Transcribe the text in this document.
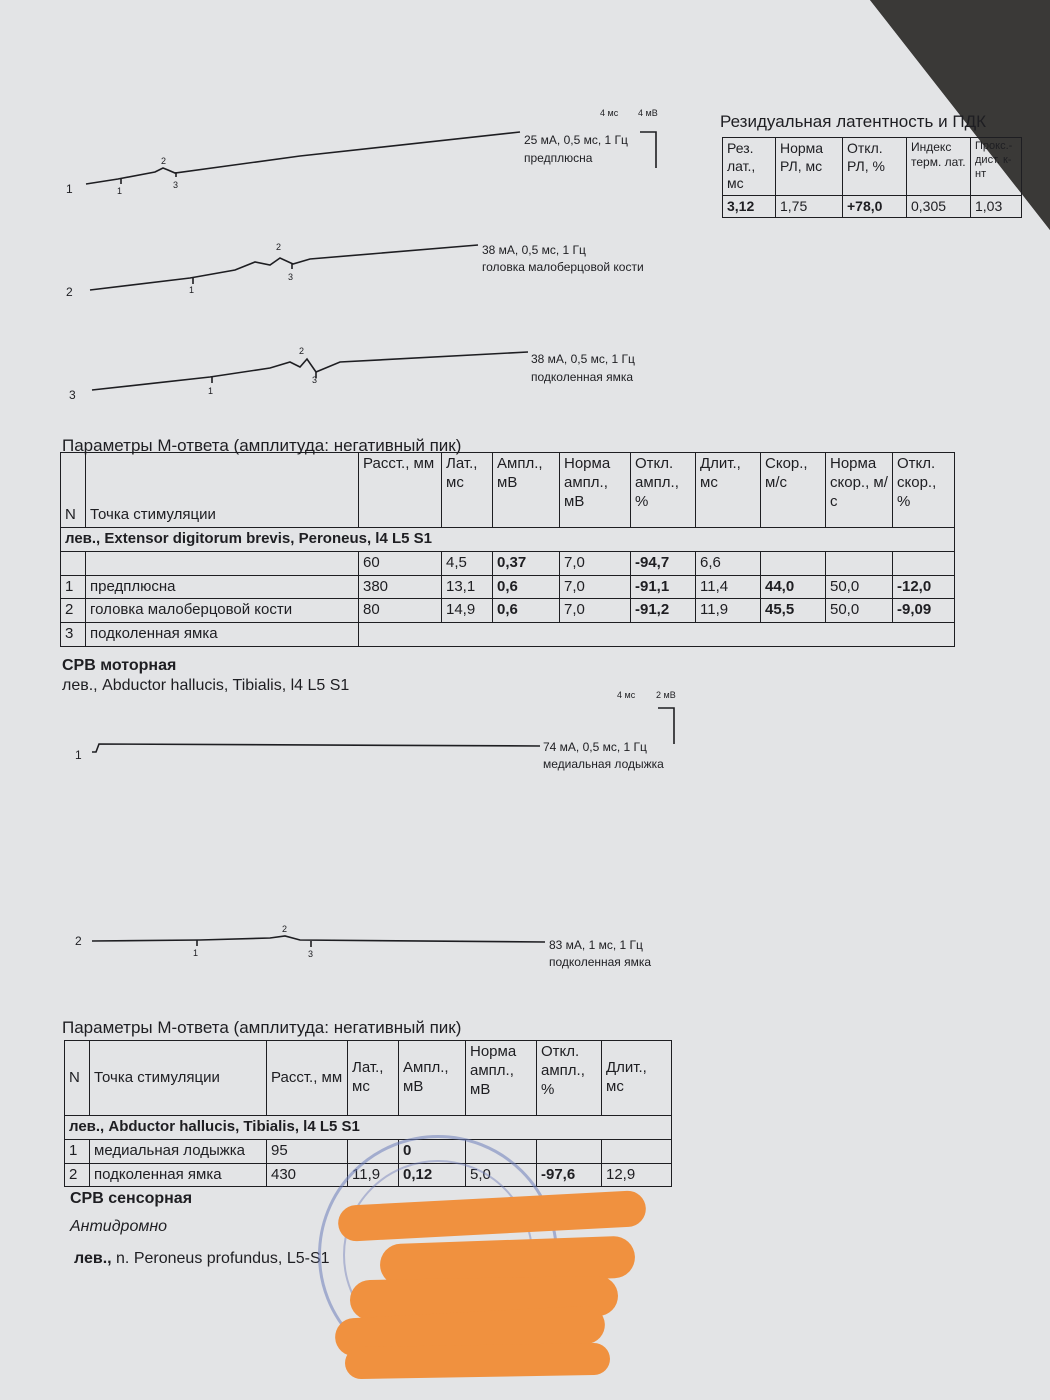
4 мс 4 мВ
1	1
2
3
25 мА, 0,5 мс, 1 Гц
предплюсна
2	1
2
3
38 мА, 0,5 мс, 1 Гц
головка малоберцовой кости
3	1
2
3
38 мА, 0,5 мс, 1 Гц
подколенная ямка
Резидуальная латентность и ПДК
Рез. лат., мс	Норма РЛ, мс	Откл. РЛ, %	Индекс терм. лат.	Прокс.-дист. к-нт
3,12	1,75	+78,0	0,305	1,03
Параметры М-ответа (амплитуда: негативный пик)
N	Точка стимуляции	Расст., мм	Лат., мс	Ампл., мВ	Норма ампл., мВ	Откл. ампл., %	Длит., мс	Скор., м/с	Норма скор., м/с	Откл. скор., %
лев., Extensor digitorum brevis, Peroneus, l4 L5 S1										
		60	4,5	0,37	7,0	-94,7	6,6			
1	предплюсна	380	13,1	0,6	7,0	-91,1	11,4	44,0	50,0	-12,0
2	головка малоберцовой кости	80	14,9	0,6	7,0	-91,2	11,9	45,5	50,0	-9,09
3	подколенная ямка									
СРВ моторная
лев., Abductor hallucis, Tibialis, l4 L5 S1
4 мс 2 мВ
1
74 мА, 0,5 мс, 1 Гц
медиальная лодыжка
2
1
2
3
83 мА, 1 мс, 1 Гц
подколенная ямка
Параметры М-ответа (амплитуда: негативный пик)
N	Точка стимуляции	Расст., мм	Лат., мс	Ампл., мВ	Норма ампл., мВ	Откл. ампл., %	Длит., мс
лев., Abductor hallucis, Tibialis, l4 L5 S1							
1	медиальная лодыжка	95		0			
2	подколенная ямка	430	11,9	0,12	5,0	-97,6	12,9
СРВ сенсорная
Антидромно
лев., n. Peroneus profundus, L5-S1
